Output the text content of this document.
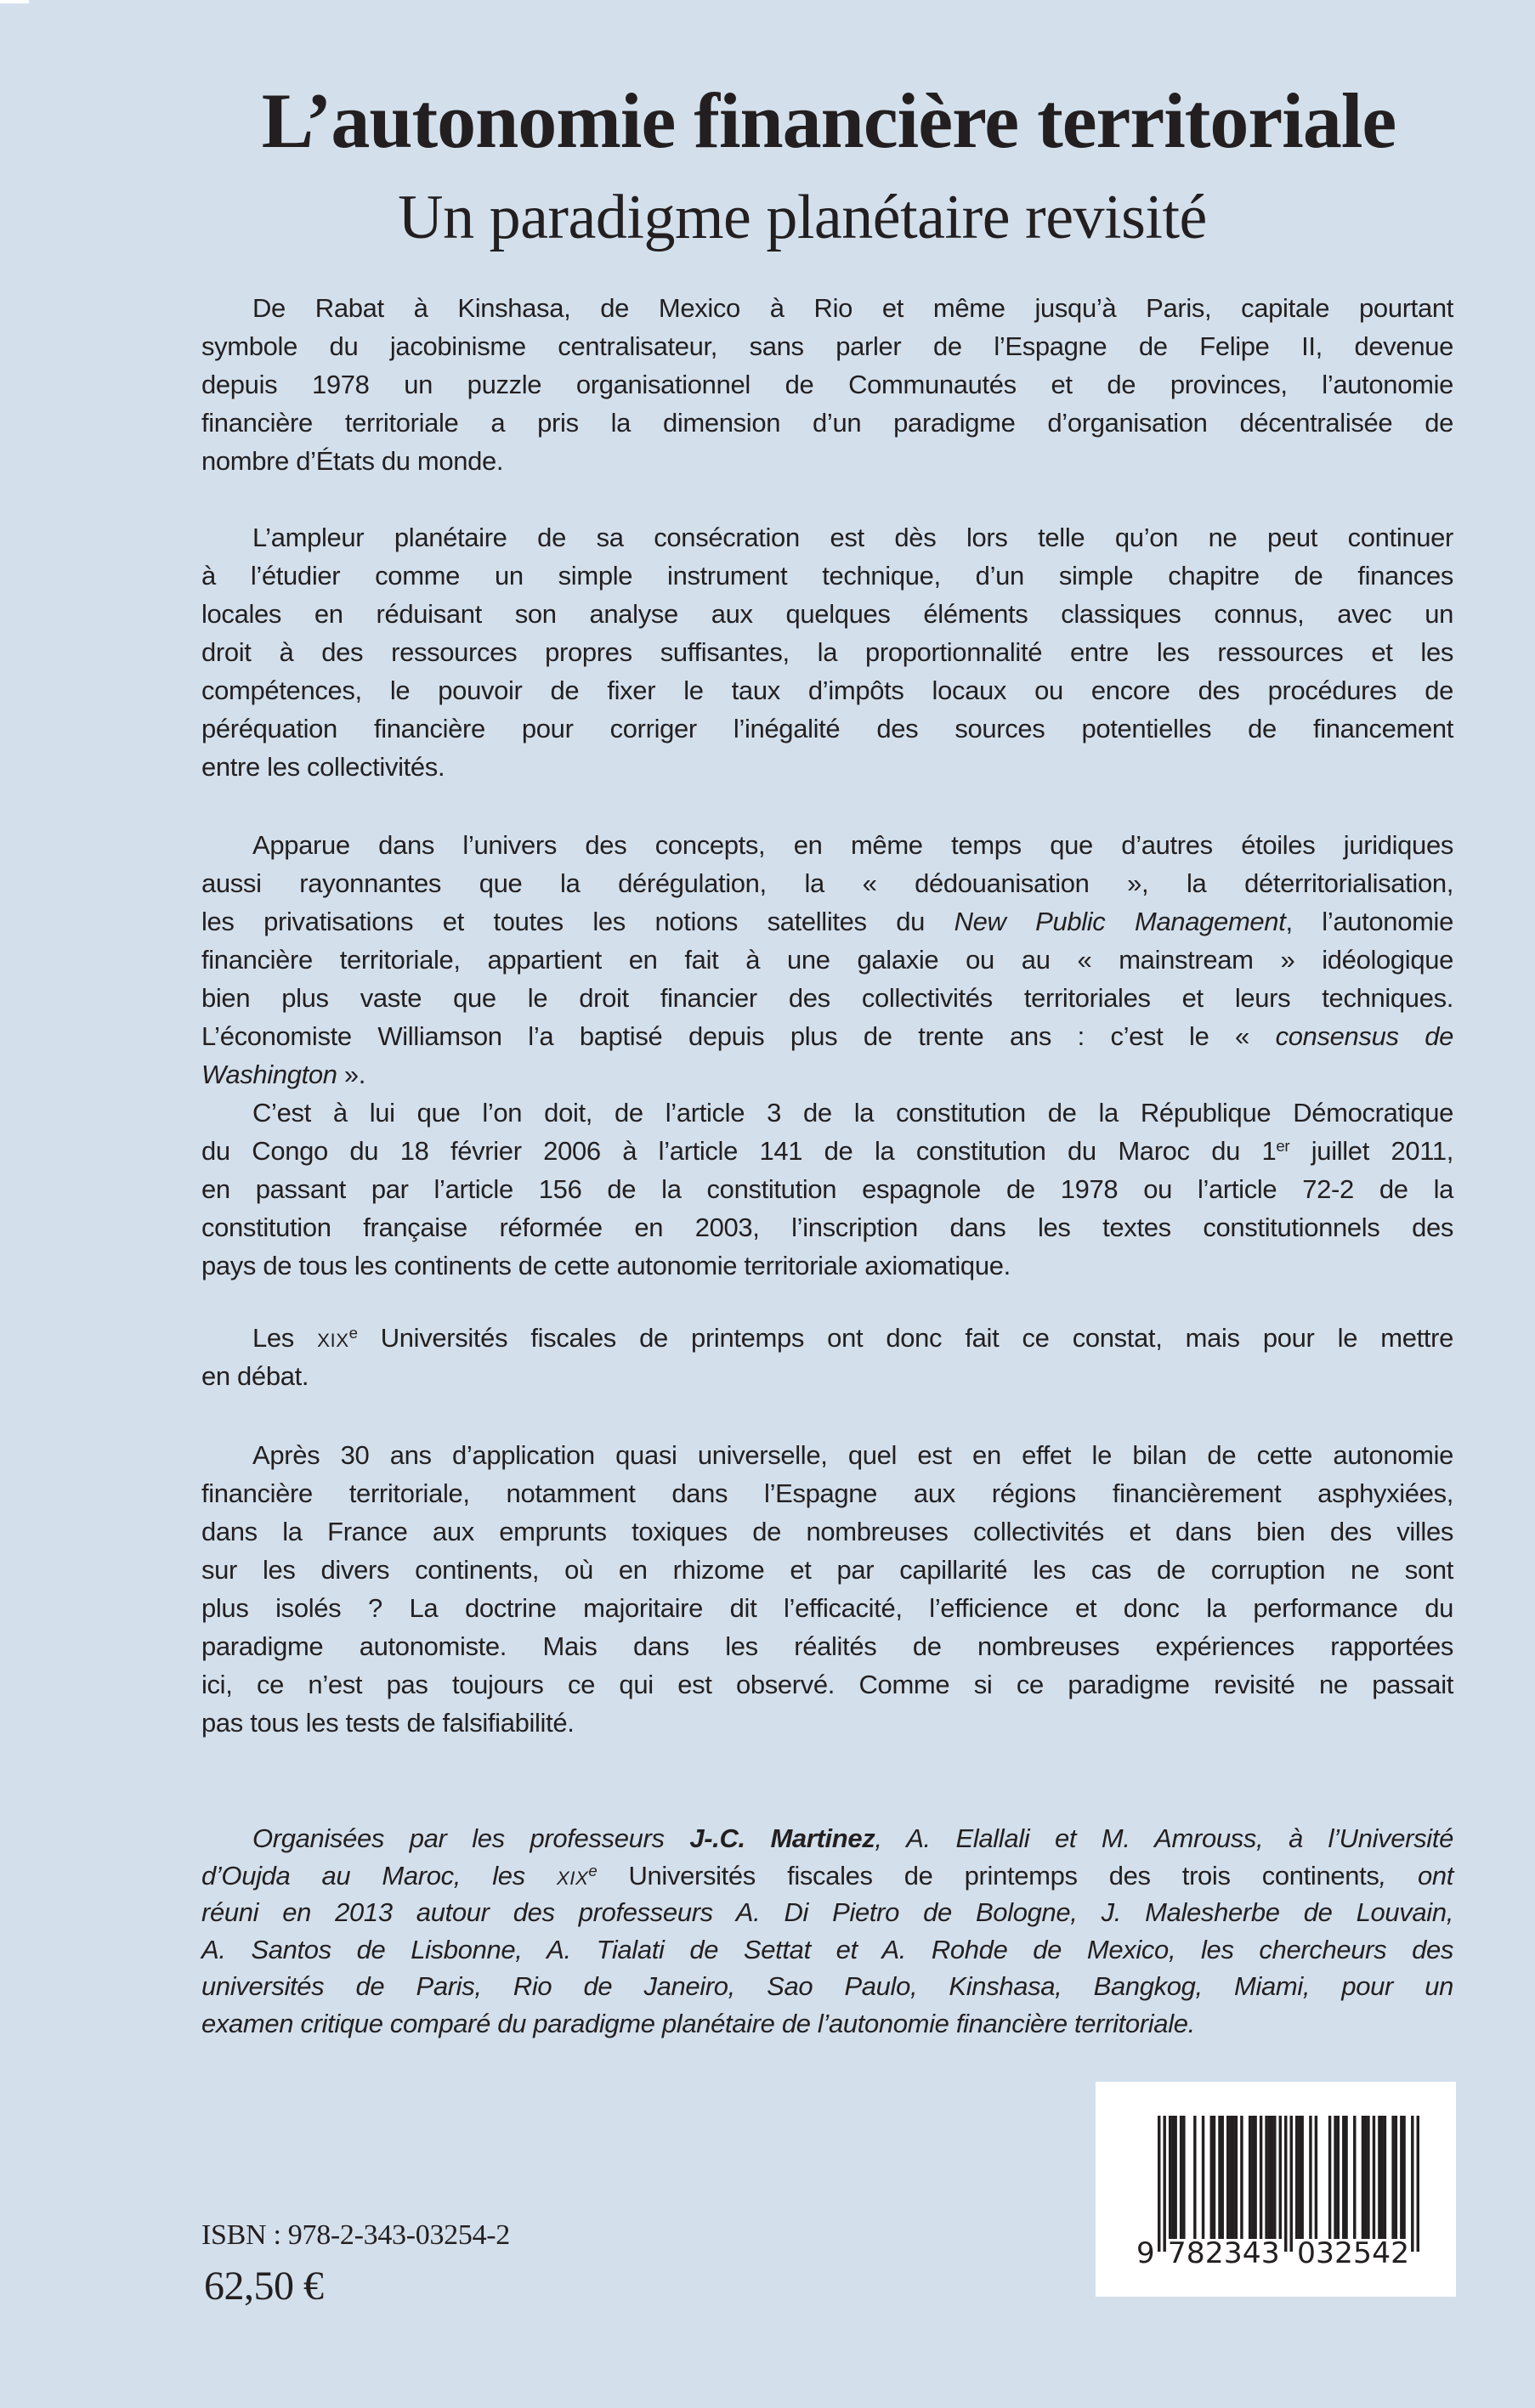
L’autonomie financière territoriale
Un paradigme planétaire revisité
De Rabat à Kinshasa, de Mexico à Rio et même jusqu’à Paris, capitale pourtant
symbole du jacobinisme centralisateur, sans parler de l’Espagne de Felipe II, devenue
depuis 1978 un puzzle organisationnel de Communautés et de provinces, l’autonomie
financière territoriale a pris la dimension d’un paradigme d’organisation décentralisée de
nombre d’États du monde.
L’ampleur planétaire de sa consécration est dès lors telle qu’on ne peut continuer
à l’étudier comme un simple instrument technique, d’un simple chapitre de finances
locales en réduisant son analyse aux quelques éléments classiques connus, avec un
droit à des ressources propres suffisantes, la proportionnalité entre les ressources et les
compétences, le pouvoir de fixer le taux d’impôts locaux ou encore des procédures de
péréquation financière pour corriger l’inégalité des sources potentielles de financement
entre les collectivités.
Apparue dans l’univers des concepts, en même temps que d’autres étoiles juridiques
aussi rayonnantes que la dérégulation, la « dédouanisation », la déterritorialisation,
les privatisations et toutes les notions satellites du New Public Management, l’autonomie
financière territoriale, appartient en fait à une galaxie ou au « mainstream » idéologique
bien plus vaste que le droit financier des collectivités territoriales et leurs techniques.
L’économiste Williamson l’a baptisé depuis plus de trente ans : c’est le « consensus de
Washington ».
C’est à lui que l’on doit, de l’article 3 de la constitution de la République Démocratique
du Congo du 18 février 2006 à l’article 141 de la constitution du Maroc du 1er juillet 2011,
en passant par l’article 156 de la constitution espagnole de 1978 ou l’article 72-2 de la
constitution française réformée en 2003, l’inscription dans les textes constitutionnels des
pays de tous les continents de cette autonomie territoriale axiomatique.
Les XIXe Universités fiscales de printemps ont donc fait ce constat, mais pour le mettre
en débat.
Après 30 ans d’application quasi universelle, quel est en effet le bilan de cette autonomie
financière territoriale, notamment dans l’Espagne aux régions financièrement asphyxiées,
dans la France aux emprunts toxiques de nombreuses collectivités et dans bien des villes
sur les divers continents, où en rhizome et par capillarité les cas de corruption ne sont
plus isolés ? La doctrine majoritaire dit l’efficacité, l’efficience et donc la performance du
paradigme autonomiste. Mais dans les réalités de nombreuses expériences rapportées
ici, ce n’est pas toujours ce qui est observé. Comme si ce paradigme revisité ne passait
pas tous les tests de falsifiabilité.
Organisées par les professeurs J-.C. Martinez, A. Elallali et M. Amrouss, à l’Université
d’Oujda au Maroc, les XIXe Universités fiscales de printemps des trois continents, ont
réuni en 2013 autour des professeurs A. Di Pietro de Bologne, J. Malesherbe de Louvain,
A. Santos de Lisbonne, A. Tialati de Settat et A. Rohde de Mexico, les chercheurs des
universités de Paris, Rio de Janeiro, Sao Paulo, Kinshasa, Bangkog, Miami, pour un
examen critique comparé du paradigme planétaire de l’autonomie financière territoriale.

ISBN : 978-2-343-03254-2

62,50 €

9 782343 032542
